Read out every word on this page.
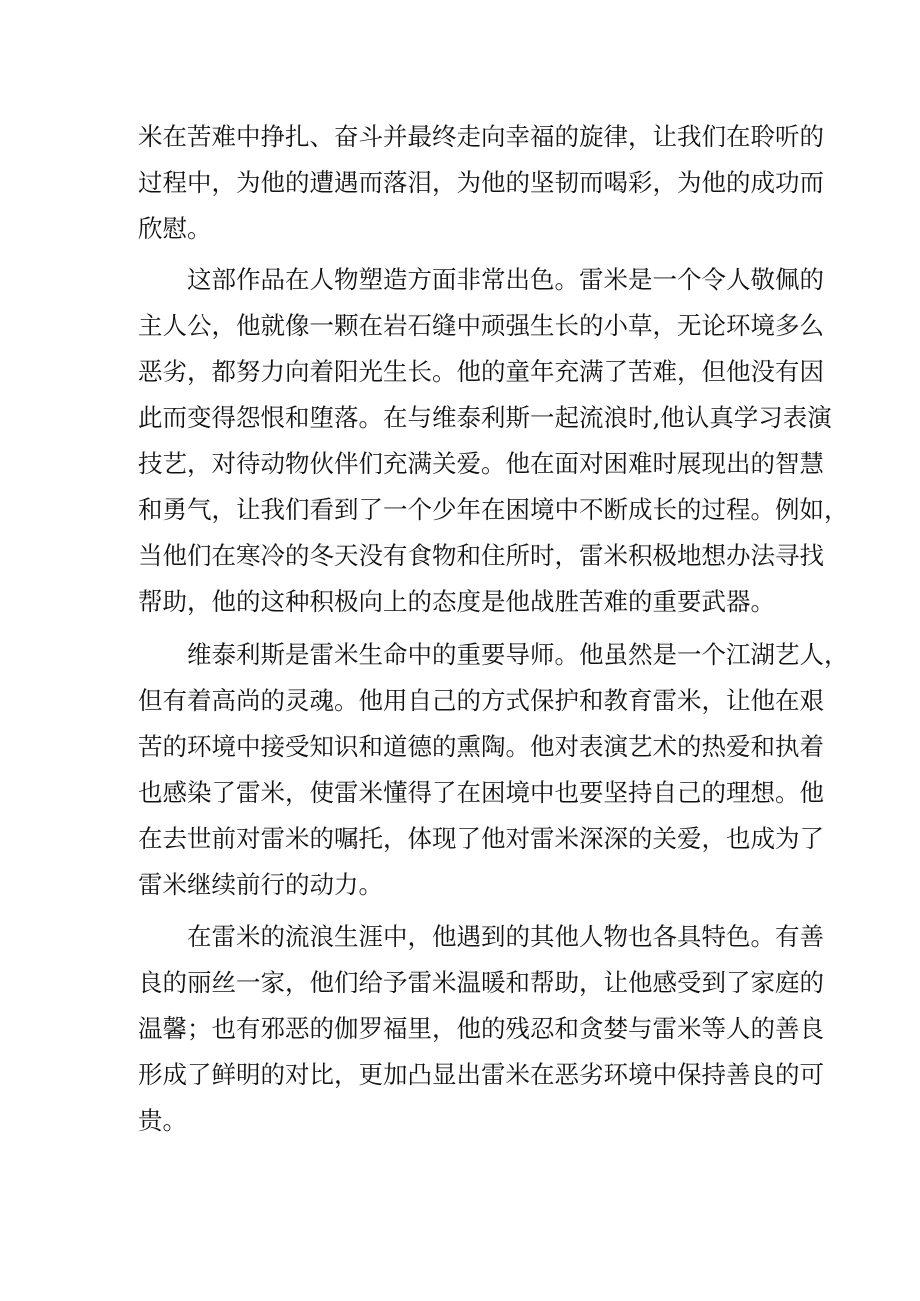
米在苦难中挣扎、奋斗并最终走向幸福的旋律，让我们在聆听的
过程中，为他的遭遇而落泪，为他的坚韧而喝彩，为他的成功而
欣慰。
这部作品在人物塑造方面非常出色。雷米是一个令人敬佩的
主人公，他就像一颗在岩石缝中顽强生长的小草，无论环境多么
恶劣，都努力向着阳光生长。他的童年充满了苦难，但他没有因
此而变得怨恨和堕落。在与维泰利斯一起流浪时,他认真学习表演
技艺，对待动物伙伴们充满关爱。他在面对困难时展现出的智慧
和勇气，让我们看到了一个少年在困境中不断成长的过程。例如，
当他们在寒冷的冬天没有食物和住所时，雷米积极地想办法寻找
帮助，他的这种积极向上的态度是他战胜苦难的重要武器。
维泰利斯是雷米生命中的重要导师。他虽然是一个江湖艺人，
但有着高尚的灵魂。他用自己的方式保护和教育雷米，让他在艰
苦的环境中接受知识和道德的熏陶。他对表演艺术的热爱和执着
也感染了雷米，使雷米懂得了在困境中也要坚持自己的理想。他
在去世前对雷米的嘱托，体现了他对雷米深深的关爱，也成为了
雷米继续前行的动力。
在雷米的流浪生涯中，他遇到的其他人物也各具特色。有善
良的丽丝一家，他们给予雷米温暖和帮助，让他感受到了家庭的
温馨；也有邪恶的伽罗福里，他的残忍和贪婪与雷米等人的善良
形成了鲜明的对比，更加凸显出雷米在恶劣环境中保持善良的可
贵。
